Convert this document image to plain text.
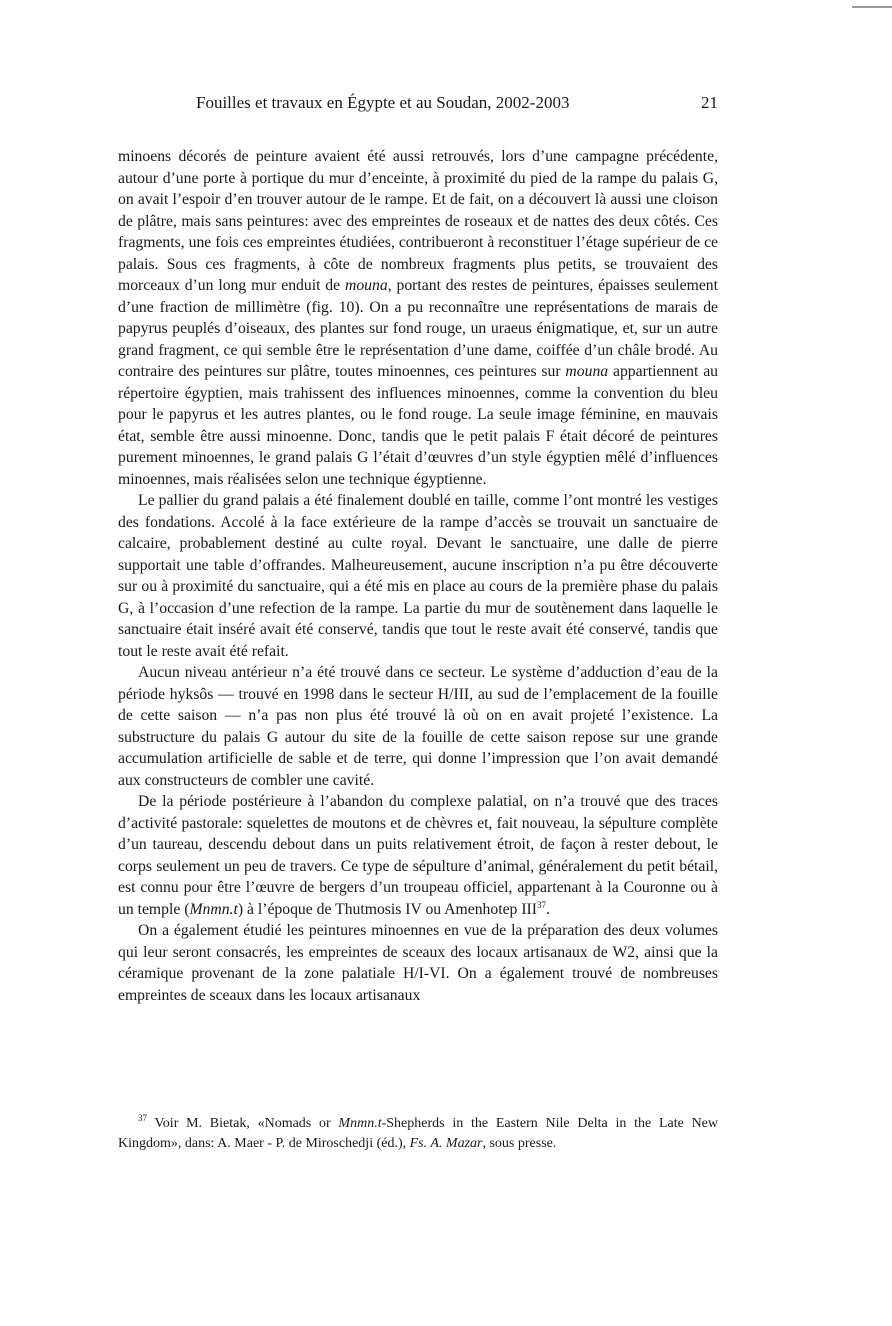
Fouilles et travaux en Égypte et au Soudan, 2002-2003	21

minoens décorés de peinture avaient été aussi retrouvés, lors d’une campagne précédente, autour d’une porte à portique du mur d’enceinte, à proximité du pied de la rampe du palais G, on avait l’espoir d’en trouver autour de le rampe. Et de fait, on a découvert là aussi une cloison de plâtre, mais sans peintures: avec des empreintes de roseaux et de nattes des deux côtés. Ces fragments, une fois ces empreintes étudiées, contribueront à reconstituer l’étage supérieur de ce palais. Sous ces fragments, à côte de nombreux fragments plus petits, se trouvaient des morceaux d’un long mur enduit de mouna, portant des restes de peintures, épaisses seulement d’une fraction de millimètre (fig. 10). On a pu reconnaître une représentations de marais de papyrus peuplés d’oiseaux, des plantes sur fond rouge, un uraeus énigmatique, et, sur un autre grand fragment, ce qui semble être le représentation d’une dame, coiffée d’un châle brodé. Au contraire des peintures sur plâtre, toutes minoennes, ces peintures sur mouna appartiennent au répertoire égyptien, mais trahissent des influences minoennes, comme la convention du bleu pour le papyrus et les autres plantes, ou le fond rouge. La seule image féminine, en mauvais état, semble être aussi minoenne. Donc, tandis que le petit palais F était décoré de peintures purement minoennes, le grand palais G l’était d’œuvres d’un style égyptien mêlé d’influences minoennes, mais réalisées selon une technique égyptienne.

Le pallier du grand palais a été finalement doublé en taille, comme l’ont montré les vestiges des fondations. Accolé à la face extérieure de la rampe d’accès se trouvait un sanctuaire de calcaire, probablement destiné au culte royal. Devant le sanctuaire, une dalle de pierre supportait une table d’offrandes. Malheureusement, aucune inscription n’a pu être découverte sur ou à proximité du sanctuaire, qui a été mis en place au cours de la première phase du palais G, à l’occasion d’une refection de la rampe. La partie du mur de soutènement dans laquelle le sanctuaire était inséré avait été conservé, tandis que tout le reste avait été conservé, tandis que tout le reste avait été refait.

Aucun niveau antérieur n’a été trouvé dans ce secteur. Le système d’adduction d’eau de la période hyksôs — trouvé en 1998 dans le secteur H/III, au sud de l’emplacement de la fouille de cette saison — n’a pas non plus été trouvé là où on en avait projeté l’existence. La substructure du palais G autour du site de la fouille de cette saison repose sur une grande accumulation artificielle de sable et de terre, qui donne l’impression que l’on avait demandé aux constructeurs de combler une cavité.

De la période postérieure à l’abandon du complexe palatial, on n’a trouvé que des traces d’activité pastorale: squelettes de moutons et de chèvres et, fait nouveau, la sépulture complète d’un taureau, descendu debout dans un puits relativement étroit, de façon à rester debout, le corps seulement un peu de travers. Ce type de sépulture d’animal, généralement du petit bétail, est connu pour être l’œuvre de bergers d’un troupeau officiel, appartenant à la Couronne ou à un temple (Mnmn.t) à l’époque de Thutmosis IV ou Amenhotep III$^{37}$.

On a également étudié les peintures minoennes en vue de la préparation des deux volumes qui leur seront consacrés, les empreintes de sceaux des locaux artisanaux de W2, ainsi que la céramique provenant de la zone palatiale H/I-VI. On a également trouvé de nombreuses empreintes de sceaux dans les locaux artisanaux

$^{37}$ Voir M. Bietak, «Nomads or Mnmn.t-Shepherds in the Eastern Nile Delta in the Late New Kingdom», dans: A. Maer - P. de Miroschedji (éd.), Fs. A. Mazar, sous presse.
